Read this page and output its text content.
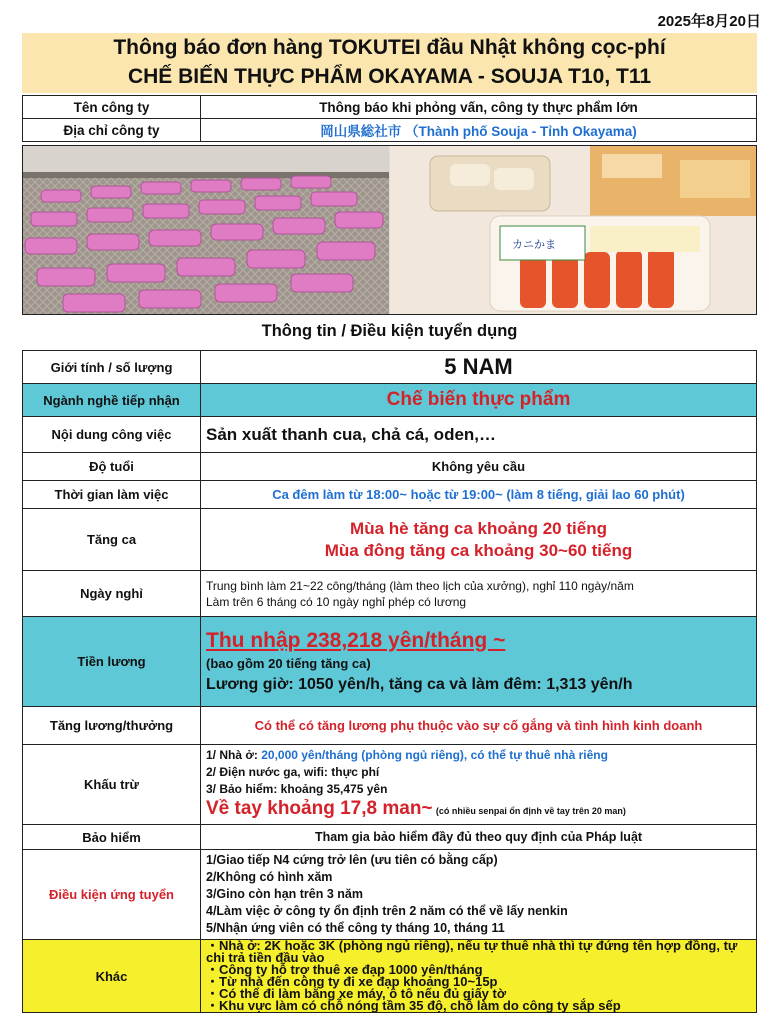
2025年8月20日
Thông báo đơn hàng TOKUTEI đầu Nhật không cọc-phí
CHẾ BIẾN THỰC PHẨM OKAYAMA - SOUJA T10, T11
Tên công ty	Thông báo khi phỏng vấn, công ty thực phẩm lớn
Địa chỉ công ty	岡山県総社市 （Thành phố Souja - Tỉnh Okayama)
カニかま
Thông tin / Điều kiện tuyển dụng
Giới tính / số lượng	5 NAM
Ngành nghề tiếp nhận	Chế biến thực phẩm
Nội dung công việc	Sản xuất thanh cua, chả cá, oden,…
Độ tuổi	Không yêu cầu
Thời gian làm việc	Ca đêm làm từ 18:00~ hoặc từ 19:00~ (làm 8 tiếng, giải lao 60 phút)
Tăng ca	Mùa hè tăng ca khoảng 20 tiếng
Mùa đông tăng ca khoảng 30~60 tiếng

Ngày nghỉ	Trung bình làm 21~22 công/tháng (làm theo lịch của xưởng), nghỉ 110 ngày/năm
Làm trên 6 tháng có 10 ngày nghỉ phép có lương

Tiền lương	Thu nhập 238,218 yên/tháng ~
(bao gồm 20 tiếng tăng ca)
Lương giờ: 1050 yên/h, tăng ca và làm đêm: 1,313 yên/h

Tăng lương/thưởng	Có thể có tăng lương phụ thuộc vào sự cố gắng và tình hình kinh doanh
Khấu trừ	1/ Nhà ở: 20,000 yên/tháng (phòng ngủ riêng), có thể tự thuê nhà riêng
2/ Điện nước ga, wifi: thực phí
3/ Bảo hiểm: khoảng 35,475 yên
Về tay khoảng 17,8 man~ (có nhiều senpai ổn định về tay trên 20 man)

Bảo hiểm	Tham gia bảo hiểm đầy đủ theo quy định của Pháp luật
Điều kiện ứng tuyển	1/Giao tiếp N4 cứng trở lên (ưu tiên có bằng cấp)
2/Không có hình xăm
3/Gino còn hạn trên 3 năm
4/Làm việc ở công ty ổn định trên 2 năm có thể về lấy nenkin
5/Nhận ứng viên có thể công ty tháng 10, tháng 11

Khác	・Nhà ở: 2K hoặc 3K (phòng ngủ riêng), nếu tự thuê nhà thì tự đứng tên hợp đồng, tự chi trả tiền đầu vào
・Công ty hỗ trợ thuê xe đạp 1000 yên/tháng
・Từ nhà đến công ty đi xe đạp khoảng 10~15p
・Có thể đi làm bằng xe máy, ô tô nếu đủ giấy tờ
・Khu vực làm có chỗ nóng tầm 35 độ, chỗ làm do công ty sắp sếp
